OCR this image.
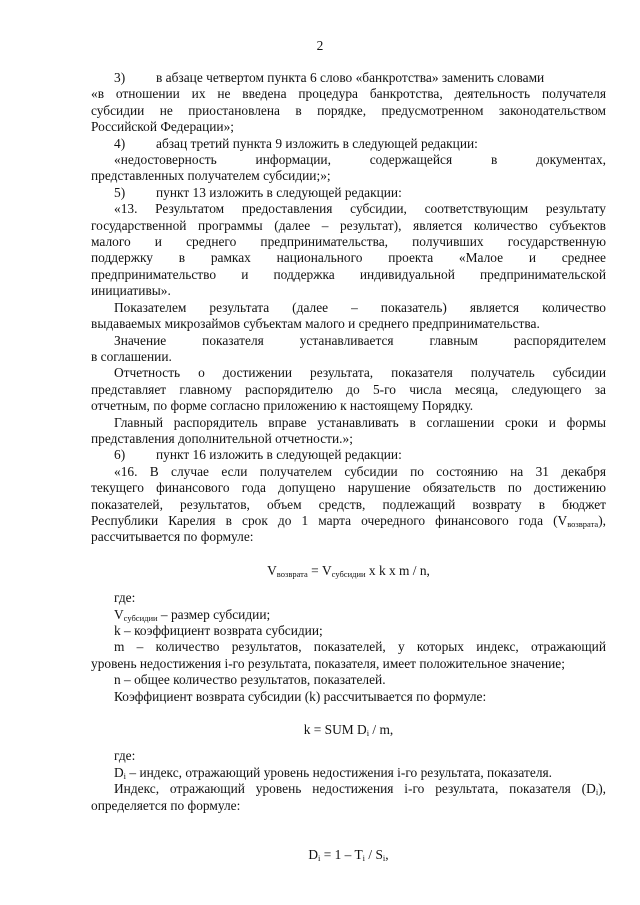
2

3) в абзаце четвертом пункта 6 слово «банкротства» заменить словами

«в отношении их не введена процедура банкротства, деятельность получателя

субсидии не приостановлена в порядке, предусмотренном законодательством

Российской Федерации»;

4) абзац третий пункта 9 изложить в следующей редакции:

«недостоверность информации, содержащейся в документах,

представленных получателем субсидии;»;

5) пункт 13 изложить в следующей редакции:

«13. Результатом предоставления субсидии, соответствующим результату

государственной программы (далее – результат), является количество субъектов

малого и среднего предпринимательства, получивших государственную

поддержку в рамках национального проекта «Малое и среднее

предпринимательство и поддержка индивидуальной предпринимательской

инициативы».

Показателем результата (далее – показатель) является количество

выдаваемых микрозаймов субъектам малого и среднего предпринимательства.

Значение показателя устанавливается главным распорядителем

в соглашении.

Отчетность о достижении результата, показателя получатель субсидии

представляет главному распорядителю до 5-го числа месяца, следующего за

отчетным, по форме согласно приложению к настоящему Порядку.

Главный распорядитель вправе устанавливать в соглашении сроки и формы

представления дополнительной отчетности.»;

6) пункт 16 изложить в следующей редакции:

«16. В случае если получателем субсидии по состоянию на 31 декабря

текущего финансового года допущено нарушение обязательств по достижению

показателей, результатов, объем средств, подлежащий возврату в бюджет

Республики Карелия в срок до 1 марта очередного финансового года $(V_{возврата})$,

рассчитывается по формуле:

$V_{возврата} = V_{субсидии}$ x k x m / n,

где:

$V_{субсидии}$ – размер субсидии;

k – коэффициент возврата субсидии;

m – количество результатов, показателей, у которых индекс, отражающий

уровень недостижения i-го результата, показателя, имеет положительное значение;

n – общее количество результатов, показателей.

Коэффициент возврата субсидии (k) рассчитывается по формуле:

k = SUM $D_i$ / m,

где:

$D_i$ – индекс, отражающий уровень недостижения i-го результата, показателя.

Индекс, отражающий уровень недостижения i-го результата, показателя $(D_i)$,

определяется по формуле:

$D_i = 1 - T_i / S_i$,
